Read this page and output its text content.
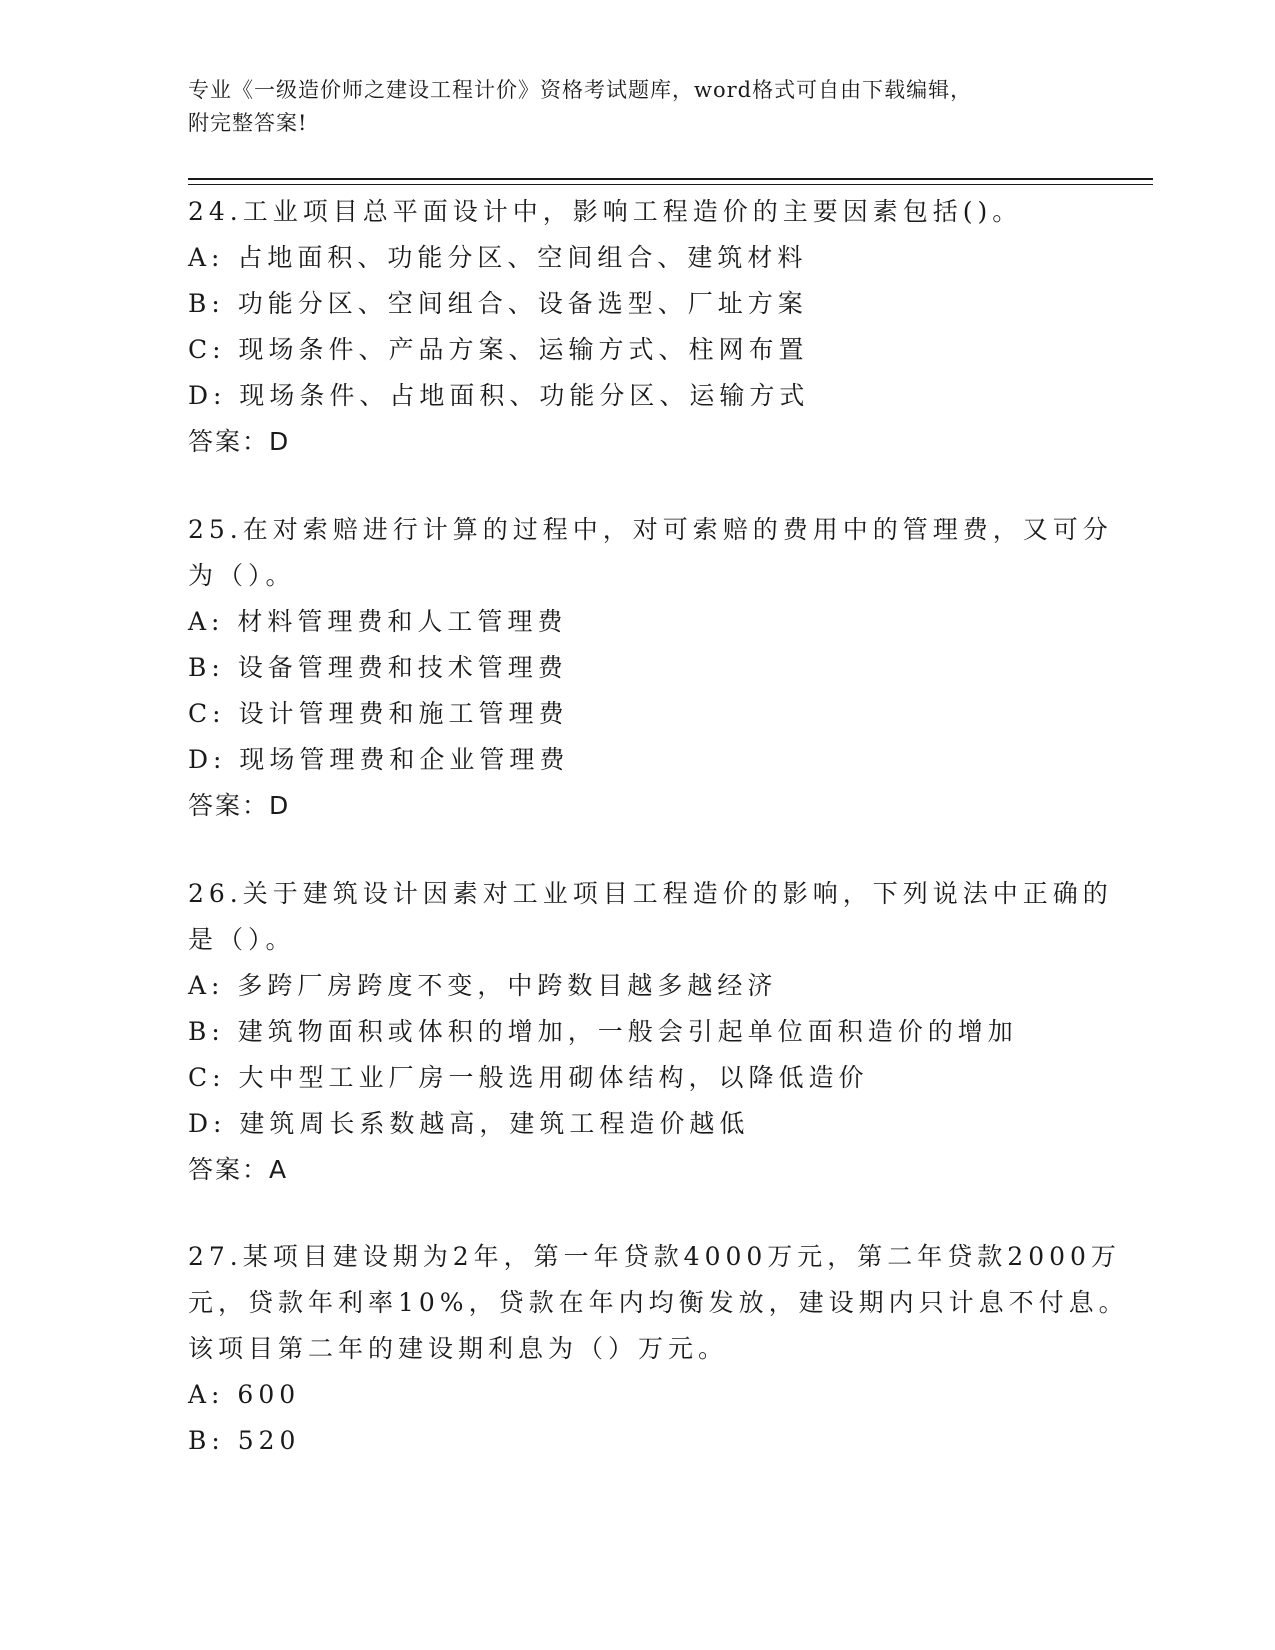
专业《一级造价师之建设工程计价》资格考试题库，word格式可自由下载编辑，
附完整答案!
24.工业项目总平面设计中，影响工程造价的主要因素包括()。
A: 占地面积、功能分区、空间组合、建筑材料
B: 功能分区、空间组合、设备选型、厂址方案
C: 现场条件、产品方案、运输方式、柱网布置
D: 现场条件、占地面积、功能分区、运输方式
答案：D
25.在对索赔进行计算的过程中，对可索赔的费用中的管理费，又可分
为（）。
A: 材料管理费和人工管理费
B: 设备管理费和技术管理费
C: 设计管理费和施工管理费
D: 现场管理费和企业管理费
答案：D
26.关于建筑设计因素对工业项目工程造价的影响，下列说法中正确的
是（）。
A: 多跨厂房跨度不变，中跨数目越多越经济
B: 建筑物面积或体积的增加，一般会引起单位面积造价的增加
C: 大中型工业厂房一般选用砌体结构，以降低造价
D: 建筑周长系数越高，建筑工程造价越低
答案：A
27.某项目建设期为2年，第一年贷款4000万元，第二年贷款2000万
元，贷款年利率10%，贷款在年内均衡发放，建设期内只计息不付息。
该项目第二年的建设期利息为（）万元。
A: 600
B: 520
